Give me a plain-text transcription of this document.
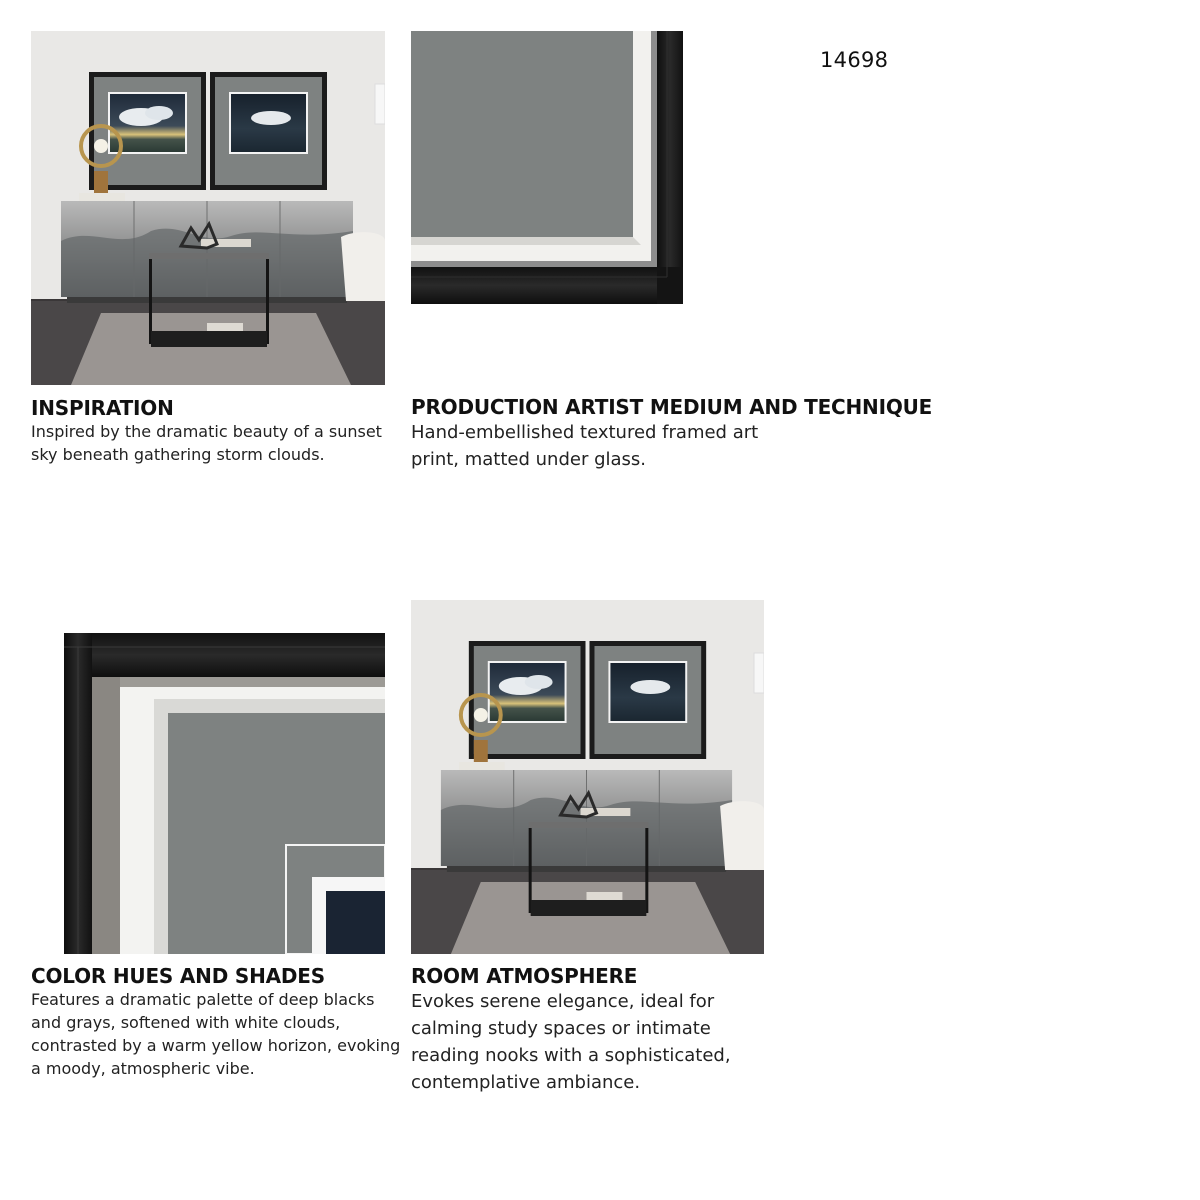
14698
INSPIRATION
Inspired by the dramatic beauty of a sunset
sky beneath gathering storm clouds.
PRODUCTION ARTIST MEDIUM AND TECHNIQUE
Hand-embellished textured framed art
print, matted under glass.
COLOR HUES AND SHADES
Features a dramatic palette of deep blacks
and grays, softened with white clouds,
contrasted by a warm yellow horizon, evoking
a moody, atmospheric vibe.
ROOM ATMOSPHERE
Evokes serene elegance, ideal for
calming study spaces or intimate
reading nooks with a sophisticated,
contemplative ambiance.
